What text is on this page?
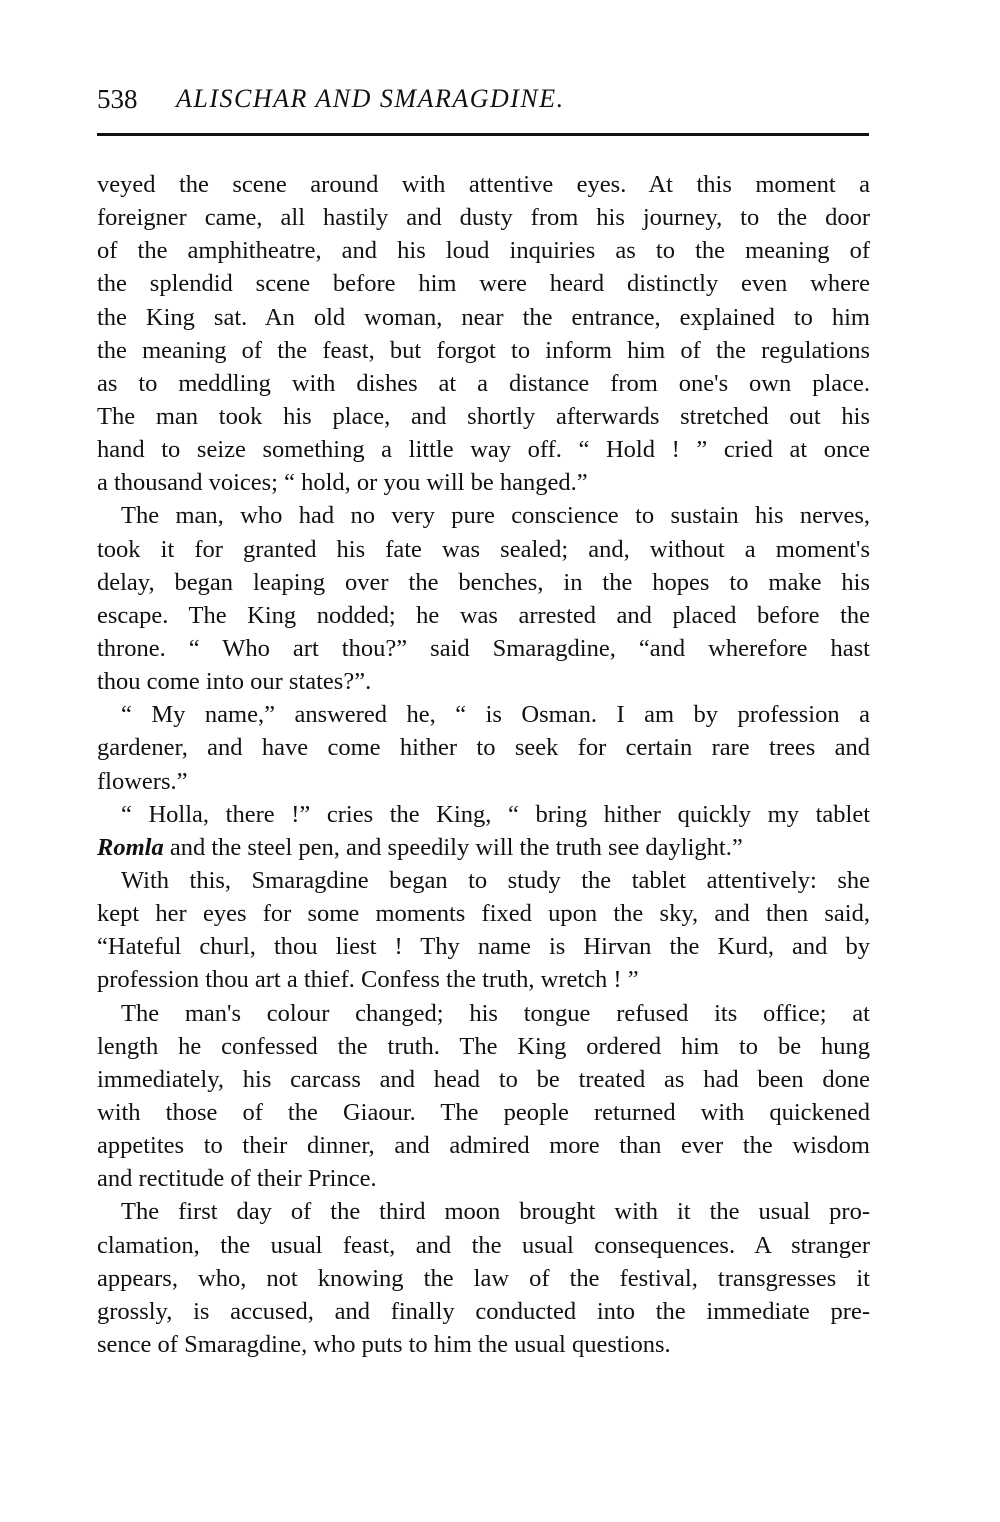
538 ALISCHAR AND SMARAGDINE.
veyed the scene around with attentive eyes. At this moment a
foreigner came, all hastily and dusty from his journey, to the door
of the amphitheatre, and his loud inquiries as to the meaning of
the splendid scene before him were heard distinctly even where
the King sat. An old woman, near the entrance, explained to him
the meaning of the feast, but forgot to inform him of the regulations
as to meddling with dishes at a distance from one's own place.
The man took his place, and shortly afterwards stretched out his
hand to seize something a little way off. “ Hold ! ” cried at once
a thousand voices; “ hold, or you will be hanged.”
The man, who had no very pure conscience to sustain his nerves,
took it for granted his fate was sealed; and, without a moment's
delay, began leaping over the benches, in the hopes to make his
escape. The King nodded; he was arrested and placed before the
throne. “ Who art thou?” said Smaragdine, “and wherefore hast
thou come into our states?”.
“ My name,” answered he, “ is Osman. I am by profession a
gardener, and have come hither to seek for certain rare trees and
flowers.”
“ Holla, there !” cries the King, “ bring hither quickly my tablet
Romla and the steel pen, and speedily will the truth see daylight.”
With this, Smaragdine began to study the tablet attentively: she
kept her eyes for some moments fixed upon the sky, and then said,
“Hateful churl, thou liest ! Thy name is Hirvan the Kurd, and by
profession thou art a thief. Confess the truth, wretch ! ”
The man's colour changed; his tongue refused its office; at
length he confessed the truth. The King ordered him to be hung
immediately, his carcass and head to be treated as had been done
with those of the Giaour. The people returned with quickened
appetites to their dinner, and admired more than ever the wisdom
and rectitude of their Prince.
The first day of the third moon brought with it the usual pro-
clamation, the usual feast, and the usual consequences. A stranger
appears, who, not knowing the law of the festival, transgresses it
grossly, is accused, and finally conducted into the immediate pre-
sence of Smaragdine, who puts to him the usual questions.
